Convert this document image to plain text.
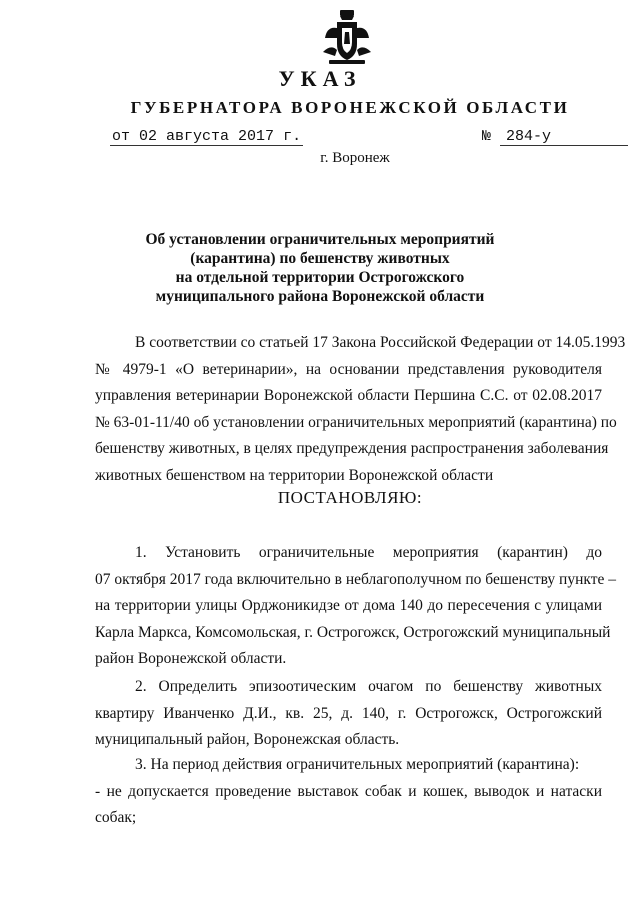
УКАЗ
ГУБЕРНАТОРА ВОРОНЕЖСКОЙ ОБЛАСТИ
от 02 августа 2017 г.	№ 284-у
г. Воронеж
Об установлении ограничительных мероприятий
(карантина) по бешенству животных
на отдельной территории Острогожского
муниципального района Воронежской области
В соответствии со статьей 17 Закона Российской Федерации от 14.05.1993
№ 4979-1 «О ветеринарии», на основании представления руководителя
управления ветеринарии Воронежской области Першина С.С. от 02.08.2017
№ 63-01-11/40 об установлении ограничительных мероприятий (карантина) по
бешенству животных, в целях предупреждения распространения заболевания
животных бешенством на территории Воронежской области
ПОСТАНОВЛЯЮ:
1. Установить ограничительные мероприятия (карантин) до
07 октября 2017 года включительно в неблагополучном по бешенству пункте –
на территории улицы Орджоникидзе от дома 140 до пересечения с улицами
Карла Маркса, Комсомольская, г. Острогожск, Острогожский муниципальный
район Воронежской области.
2. Определить эпизоотическим очагом по бешенству животных
квартиру Иванченко Д.И., кв. 25, д. 140, г. Острогожск, Острогожский
муниципальный район, Воронежская область.
3. На период действия ограничительных мероприятий (карантина):
- не допускается проведение выставок собак и кошек, выводок и натаски
собак;
